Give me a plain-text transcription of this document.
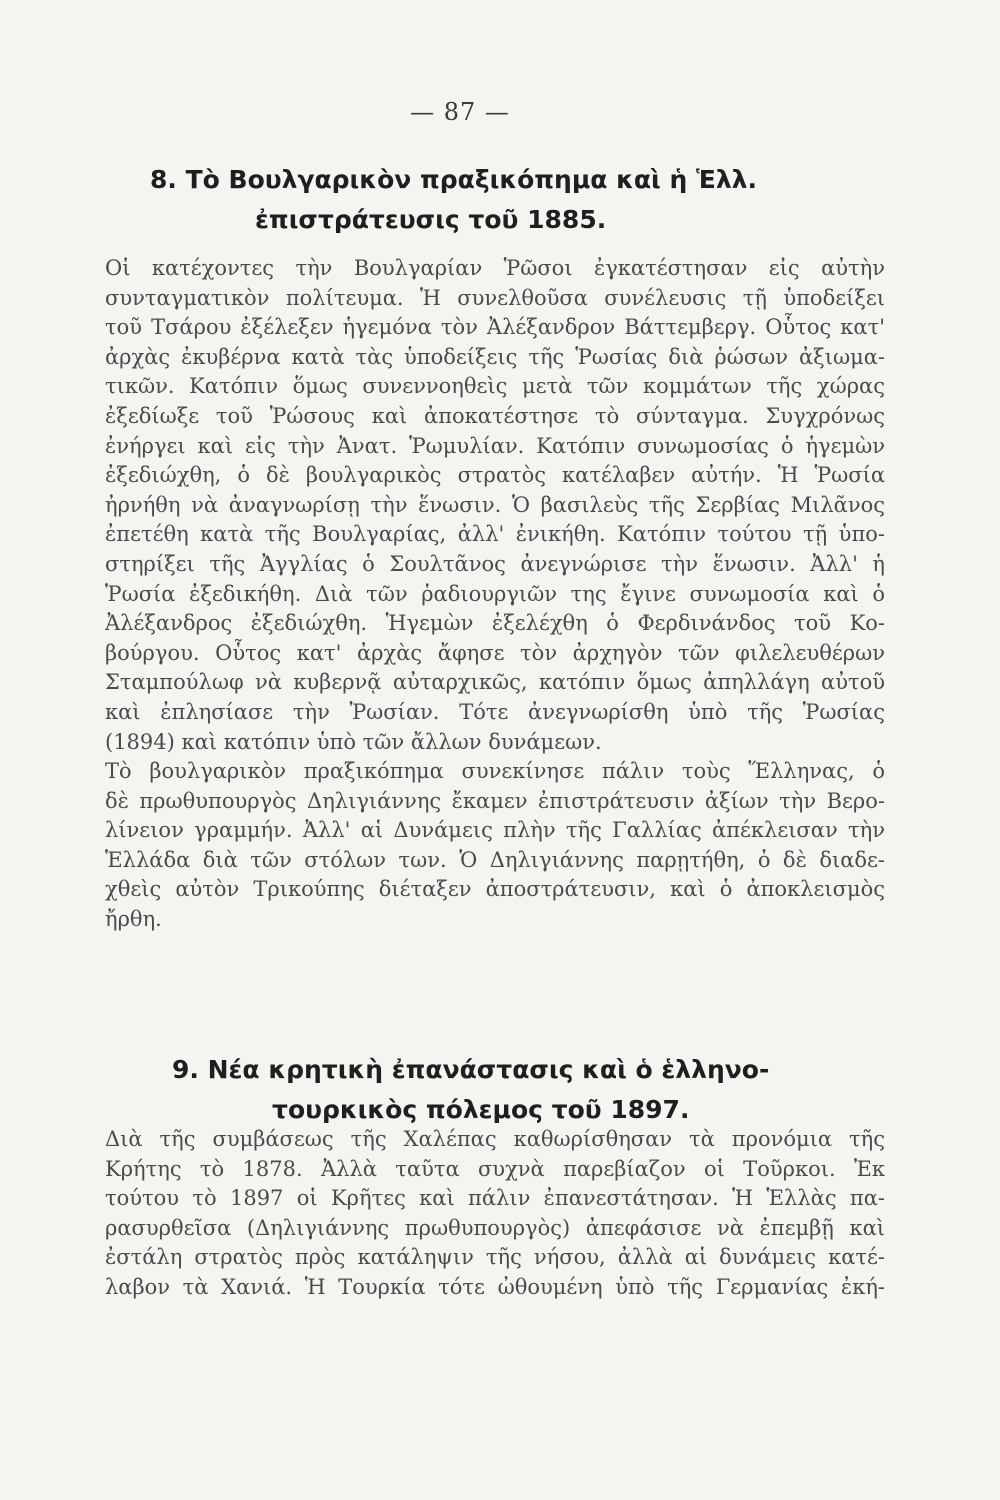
— 87 —
8. Τὸ Βουλγαρικὸν πραξικόπημα καὶ ἡ Ἑλλ.
ἐπιστράτευσις τοῦ 1885.

Οἱ κατέχοντες τὴν Βουλγαρίαν Ῥῶσοι ἐγκατέστησαν εἰς αὐτὴν

συνταγματικὸν πολίτευμα. Ἡ συνελθοῦσα συνέλευσις τῇ ὑποδείξει

τοῦ Τσάρου ἐξέλεξεν ἡγεμόνα τὸν Ἀλέξανδρον Βάττεμβεργ. Οὗτος κατ'

ἀρχὰς ἐκυβέρνα κατὰ τὰς ὑποδείξεις τῆς Ῥωσίας διὰ ῥώσων ἀξιωμα-

τικῶν. Κατόπιν ὅμως συνεννοηθεὶς μετὰ τῶν κομμάτων τῆς χώρας

ἐξεδίωξε τοῦ Ῥώσους καὶ ἀποκατέστησε τὸ σύνταγμα. Συγχρόνως

ἐνήργει καὶ εἰς τὴν Ἀνατ. Ῥωμυλίαν. Κατόπιν συνωμοσίας ὁ ἡγεμὼν

ἐξεδιώχθη, ὁ δὲ βουλγαρικὸς στρατὸς κατέλαβεν αὐτήν. Ἡ Ῥωσία

ἠρνήθη νὰ ἀναγνωρίσῃ τὴν ἕνωσιν. Ὁ βασιλεὺς τῆς Σερβίας Μιλᾶνος

ἐπετέθη κατὰ τῆς Βουλγαρίας, ἀλλ' ἐνικήθη. Κατόπιν τούτου τῇ ὑπο-

στηρίξει τῆς Ἀγγλίας ὁ Σουλτᾶνος ἀνεγνώρισε τὴν ἕνωσιν. Ἀλλ' ἡ

Ῥωσία ἐξεδικήθη. Διὰ τῶν ῥαδιουργιῶν της ἔγινε συνωμοσία καὶ ὁ

Ἀλέξανδρος ἐξεδιώχθη. Ἡγεμὼν ἐξελέχθη ὁ Φερδινάνδος τοῦ Κο-

βούργου. Οὗτος κατ' ἀρχὰς ἄφησε τὸν ἀρχηγὸν τῶν φιλελευθέρων

Σταμπούλωφ νὰ κυβερνᾷ αὐταρχικῶς, κατόπιν ὅμως ἀπηλλάγη αὐτοῦ

καὶ ἐπλησίασε τὴν Ῥωσίαν. Τότε ἀνεγνωρίσθη ὑπὸ τῆς Ῥωσίας

(1894) καὶ κατόπιν ὑπὸ τῶν ἄλλων δυνάμεων.

Τὸ βουλγαρικὸν πραξικόπημα συνεκίνησε πάλιν τοὺς Ἕλληνας, ὁ

δὲ πρωθυπουργὸς Δηλιγιάννης ἔκαμεν ἐπιστράτευσιν ἀξίων τὴν Βερο-

λίνειον γραμμήν. Ἀλλ' αἱ Δυνάμεις πλὴν τῆς Γαλλίας ἀπέκλεισαν τὴν

Ἑλλάδα διὰ τῶν στόλων των. Ὁ Δηλιγιάννης παρῃτήθη, ὁ δὲ διαδε-

χθεὶς αὐτὸν Τρικούπης διέταξεν ἀποστράτευσιν, καὶ ὁ ἀποκλεισμὸς

ἤρθη.

9. Νέα κρητικὴ ἐπανάστασις καὶ ὁ ἑλληνο-
τουρκικὸς πόλεμος τοῦ 1897.

Διὰ τῆς συμβάσεως τῆς Χαλέπας καθωρίσθησαν τὰ προνόμια τῆς

Κρήτης τὸ 1878. Ἀλλὰ ταῦτα συχνὰ παρεβίαζον οἱ Τοῦρκοι. Ἐκ

τούτου τὸ 1897 οἱ Κρῆτες καὶ πάλιν ἐπανεστάτησαν. Ἡ Ἑλλὰς πα-

ρασυρθεῖσα (Δηλιγιάννης πρωθυπουργὸς) ἀπεφάσισε νὰ ἐπεμβῇ καὶ

ἐστάλη στρατὸς πρὸς κατάληψιν τῆς νήσου, ἀλλὰ αἱ δυνάμεις κατέ-

λαβον τὰ Χανιά. Ἡ Τουρκία τότε ὠθουμένη ὑπὸ τῆς Γερμανίας ἐκή-
